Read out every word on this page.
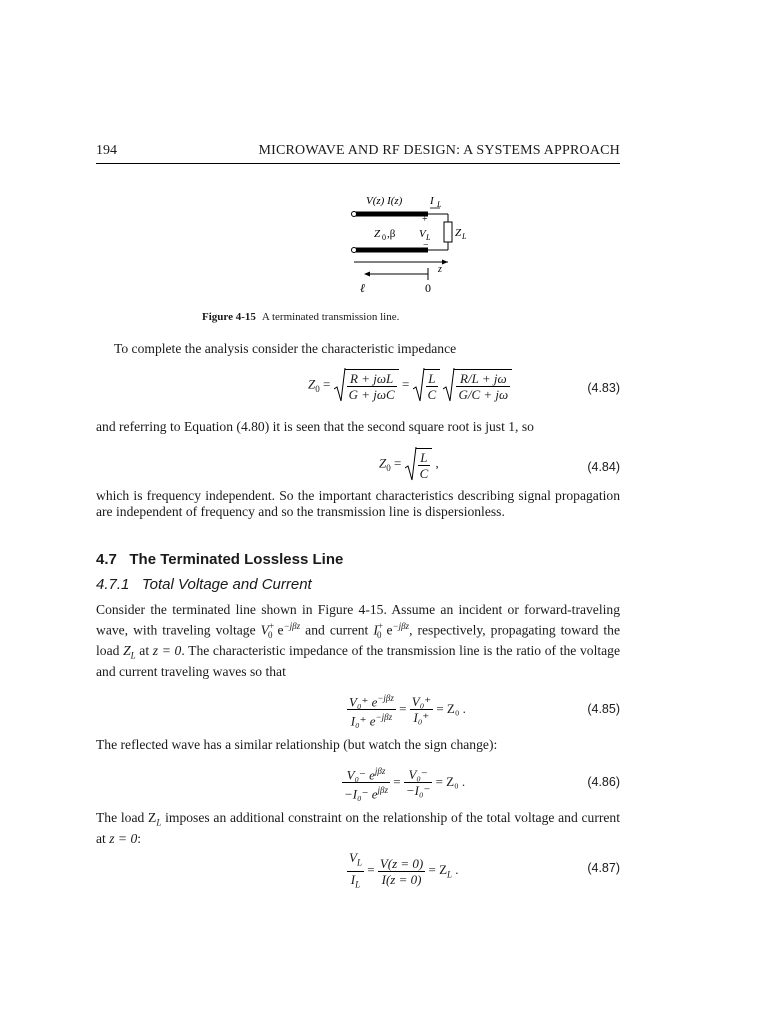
194	MICROWAVE AND RF DESIGN: A SYSTEMS APPROACH
V(z) I(z)	I L
Z 0 ,β
+
V L
−
Z L
z
ℓ	0
Figure 4-15 A terminated transmission line.
To complete the analysis consider the characteristic impedance
$Z_0 = \frac{\text{R + jωL}}{\text{G + jωC}} = \frac{L}{C}$
$\frac{R/L + j\omega}{G/C + j\omega}$	(4.83)
and referring to Equation (4.80) it is seen that the second square root is just 1, so
$Z_0 = \frac{L}{C}$ ,	(4.84)
which is frequency independent. So the important characteristics describing signal propagation are independent of frequency and so the transmission line is dispersionless.
4.7 The Terminated Lossless Line
4.7.1 Total Voltage and Current
Consider the terminated line shown in Figure 4-15. Assume an incident or forward-traveling wave, with traveling voltage $V^+_0$ $e^{-j\beta z}$ and current $I^+_0$ $e^{-j\beta z}$, respectively, propagating toward the load $Z_L$ at z = 0. The characteristic impedance of the transmission line is the ratio of the voltage and current traveling waves so that
$\frac{V_0^+ e^{-j\beta z}}{I_0^+ e^{-j\beta z}} = \frac{\text{V₀⁺}}{\text{I₀⁺}} = Z_0$ .	(4.85)
The reflected wave has a similar relationship (but watch the sign change):
$\frac{V_0^- e^{j\beta z}}{-I_0^- e^{j\beta z}} = \frac{\text{V₀⁻}}{\text{−I₀⁻}} = Z_0$ .	(4.86)
The load $Z_L$ imposes an additional constraint on the relationship of the total voltage and current at z = 0:
$\frac{V_L}{I_L} = \frac{V(z = 0)}{I(z = 0)} = Z_L$ .	(4.87)
